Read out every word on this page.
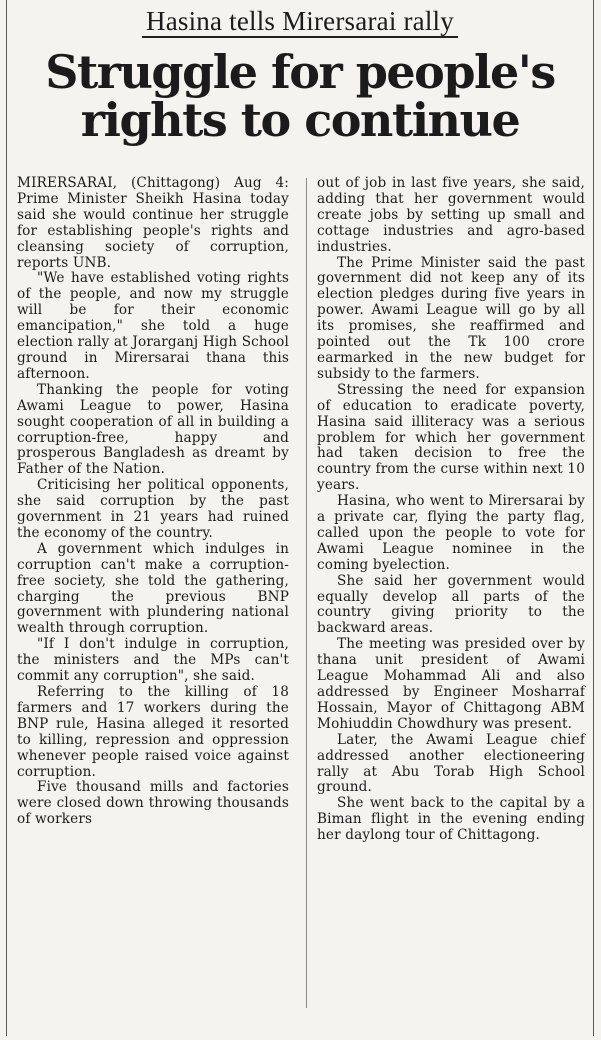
Hasina tells Mirersarai rally
Struggle for people's
rights to continue

MIRERSARAI, (Chittagong) Aug 4: Prime Minister Sheikh Hasina today said she would continue her struggle for establishing people's rights and cleansing society of corruption, reports UNB.

"We have established voting rights of the people, and now my struggle will be for their economic emancipation," she told a huge election rally at Jorarganj High School ground in Mirersarai thana this afternoon.

Thanking the people for voting Awami League to power, Hasina sought cooperation of all in building a corruption-free, happy and prosperous Bangladesh as dreamt by Father of the Nation.

Criticising her political opponents, she said corruption by the past government in 21 years had ruined the economy of the country.

A government which indulges in corruption can't make a corruption-free society, she told the gathering, charging the previous BNP government with plundering national wealth through corruption.

"If I don't indulge in corruption, the ministers and the MPs can't commit any corruption", she said.

Referring to the killing of 18 farmers and 17 workers during the BNP rule, Hasina alleged it resorted to killing, repression and oppression whenever people raised voice against corruption.

Five thousand mills and factories were closed down throwing thousands of workers

out of job in last five years, she said, adding that her government would create jobs by setting up small and cottage industries and agro-based industries.

The Prime Minister said the past government did not keep any of its election pledges during five years in power. Awami League will go by all its promises, she reaffirmed and pointed out the Tk 100 crore earmarked in the new budget for subsidy to the farmers.

Stressing the need for expansion of education to eradicate poverty, Hasina said illiteracy was a serious problem for which her government had taken decision to free the country from the curse within next 10 years.

Hasina, who went to Mirersarai by a private car, flying the party flag, called upon the people to vote for Awami League nominee in the coming byelection.

She said her government would equally develop all parts of the country giving priority to the backward areas.

The meeting was presided over by thana unit president of Awami League Mohammad Ali and also addressed by Engineer Mosharraf Hossain, Mayor of Chittagong ABM Mohiuddin Chowdhury was present.

Later, the Awami League chief addressed another electioneering rally at Abu Torab High School ground.

She went back to the capital by a Biman flight in the evening ending her daylong tour of Chittagong.
